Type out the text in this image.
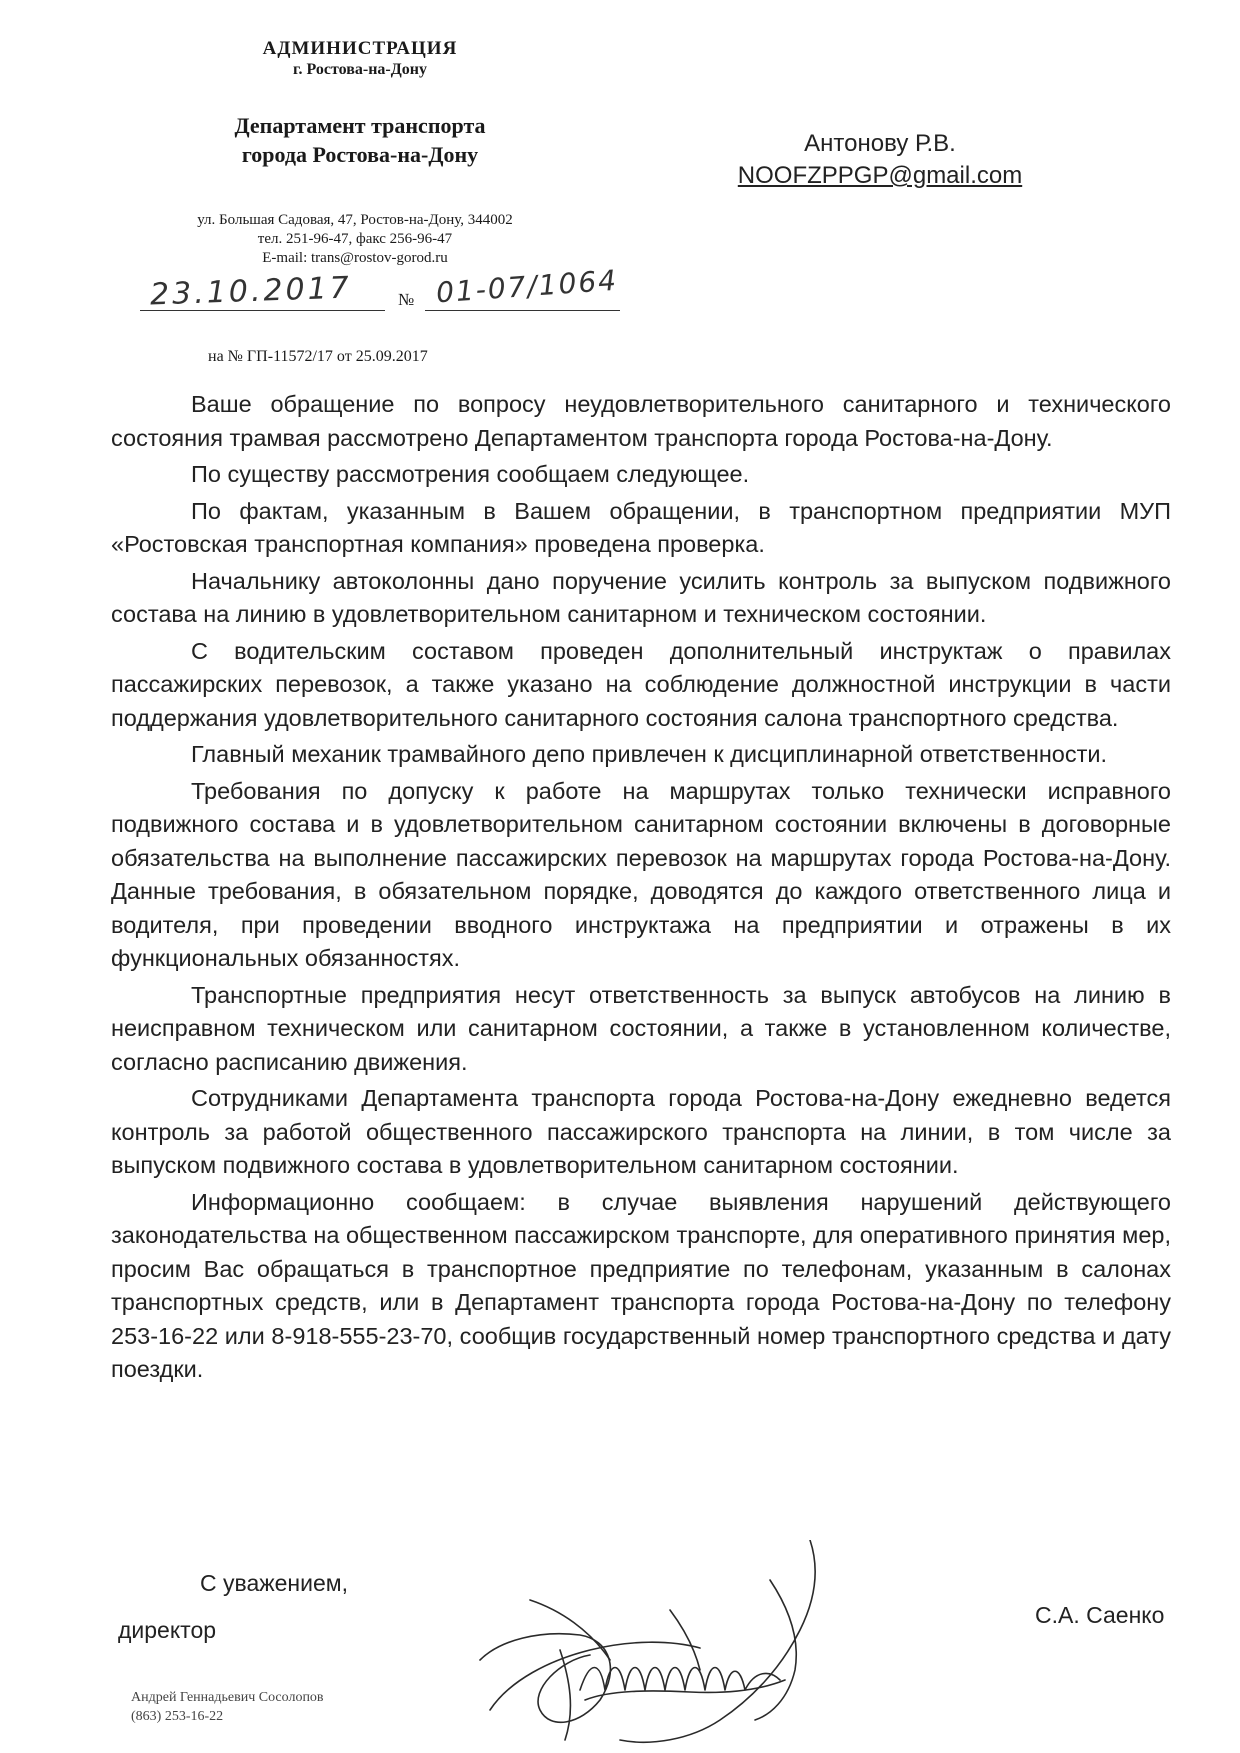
АДМИНИСТРАЦИЯ
г. Ростова-на-Дону
Департамент транспорта
города Ростова-на-Дону
ул. Большая Садовая, 47, Ростов-на-Дону, 344002
тел. 251-96-47, факс 256-96-47
E-mail: trans@rostov-gorod.ru
23.10.2017	№ 01-07/1064
на № ГП-11572/17 от 25.09.2017
Антонову Р.В.
NOOFZPPGP@gmail.com

Ваше обращение по вопросу неудовлетворительного санитарного и технического состояния трамвая рассмотрено Департаментом транспорта города Ростова-на-Дону.

По существу рассмотрения сообщаем следующее.

По фактам, указанным в Вашем обращении, в транспортном предприятии МУП «Ростовская транспортная компания» проведена проверка.

Начальнику автоколонны дано поручение усилить контроль за выпуском подвижного состава на линию в удовлетворительном санитарном и техническом состоянии.

С водительским составом проведен дополнительный инструктаж о правилах пассажирских перевозок, а также указано на соблюдение должностной инструкции в части поддержания удовлетворительного санитарного состояния салона транспортного средства.

Главный механик трамвайного депо привлечен к дисциплинарной ответственности.

Требования по допуску к работе на маршрутах только технически исправного подвижного состава и в удовлетворительном санитарном состоянии включены в договорные обязательства на выполнение пассажирских перевозок на маршрутах города Ростова-на-Дону. Данные требования, в обязательном порядке, доводятся до каждого ответственного лица и водителя, при проведении вводного инструктажа на предприятии и отражены в их функциональных обязанностях.

Транспортные предприятия несут ответственность за выпуск автобусов на линию в неисправном техническом или санитарном состоянии, а также в установленном количестве, согласно расписанию движения.

Сотрудниками Департамента транспорта города Ростова-на-Дону ежедневно ведется контроль за работой общественного пассажирского транспорта на линии, в том числе за выпуском подвижного состава в удовлетворительном санитарном состоянии.

Информационно сообщаем: в случае выявления нарушений действующего законодательства на общественном пассажирском транспорте, для оперативного принятия мер, просим Вас обращаться в транспортное предприятие по телефонам, указанным в салонах транспортных средств, или в Департамент транспорта города Ростова-на-Дону по телефону 253-16-22 или 8-918-555-23-70, сообщив государственный номер транспортного средства и дату поездки.

С уважением,
директор
С.А. Саенко
Андрей Геннадьевич Сосолопов
(863) 253-16-22
